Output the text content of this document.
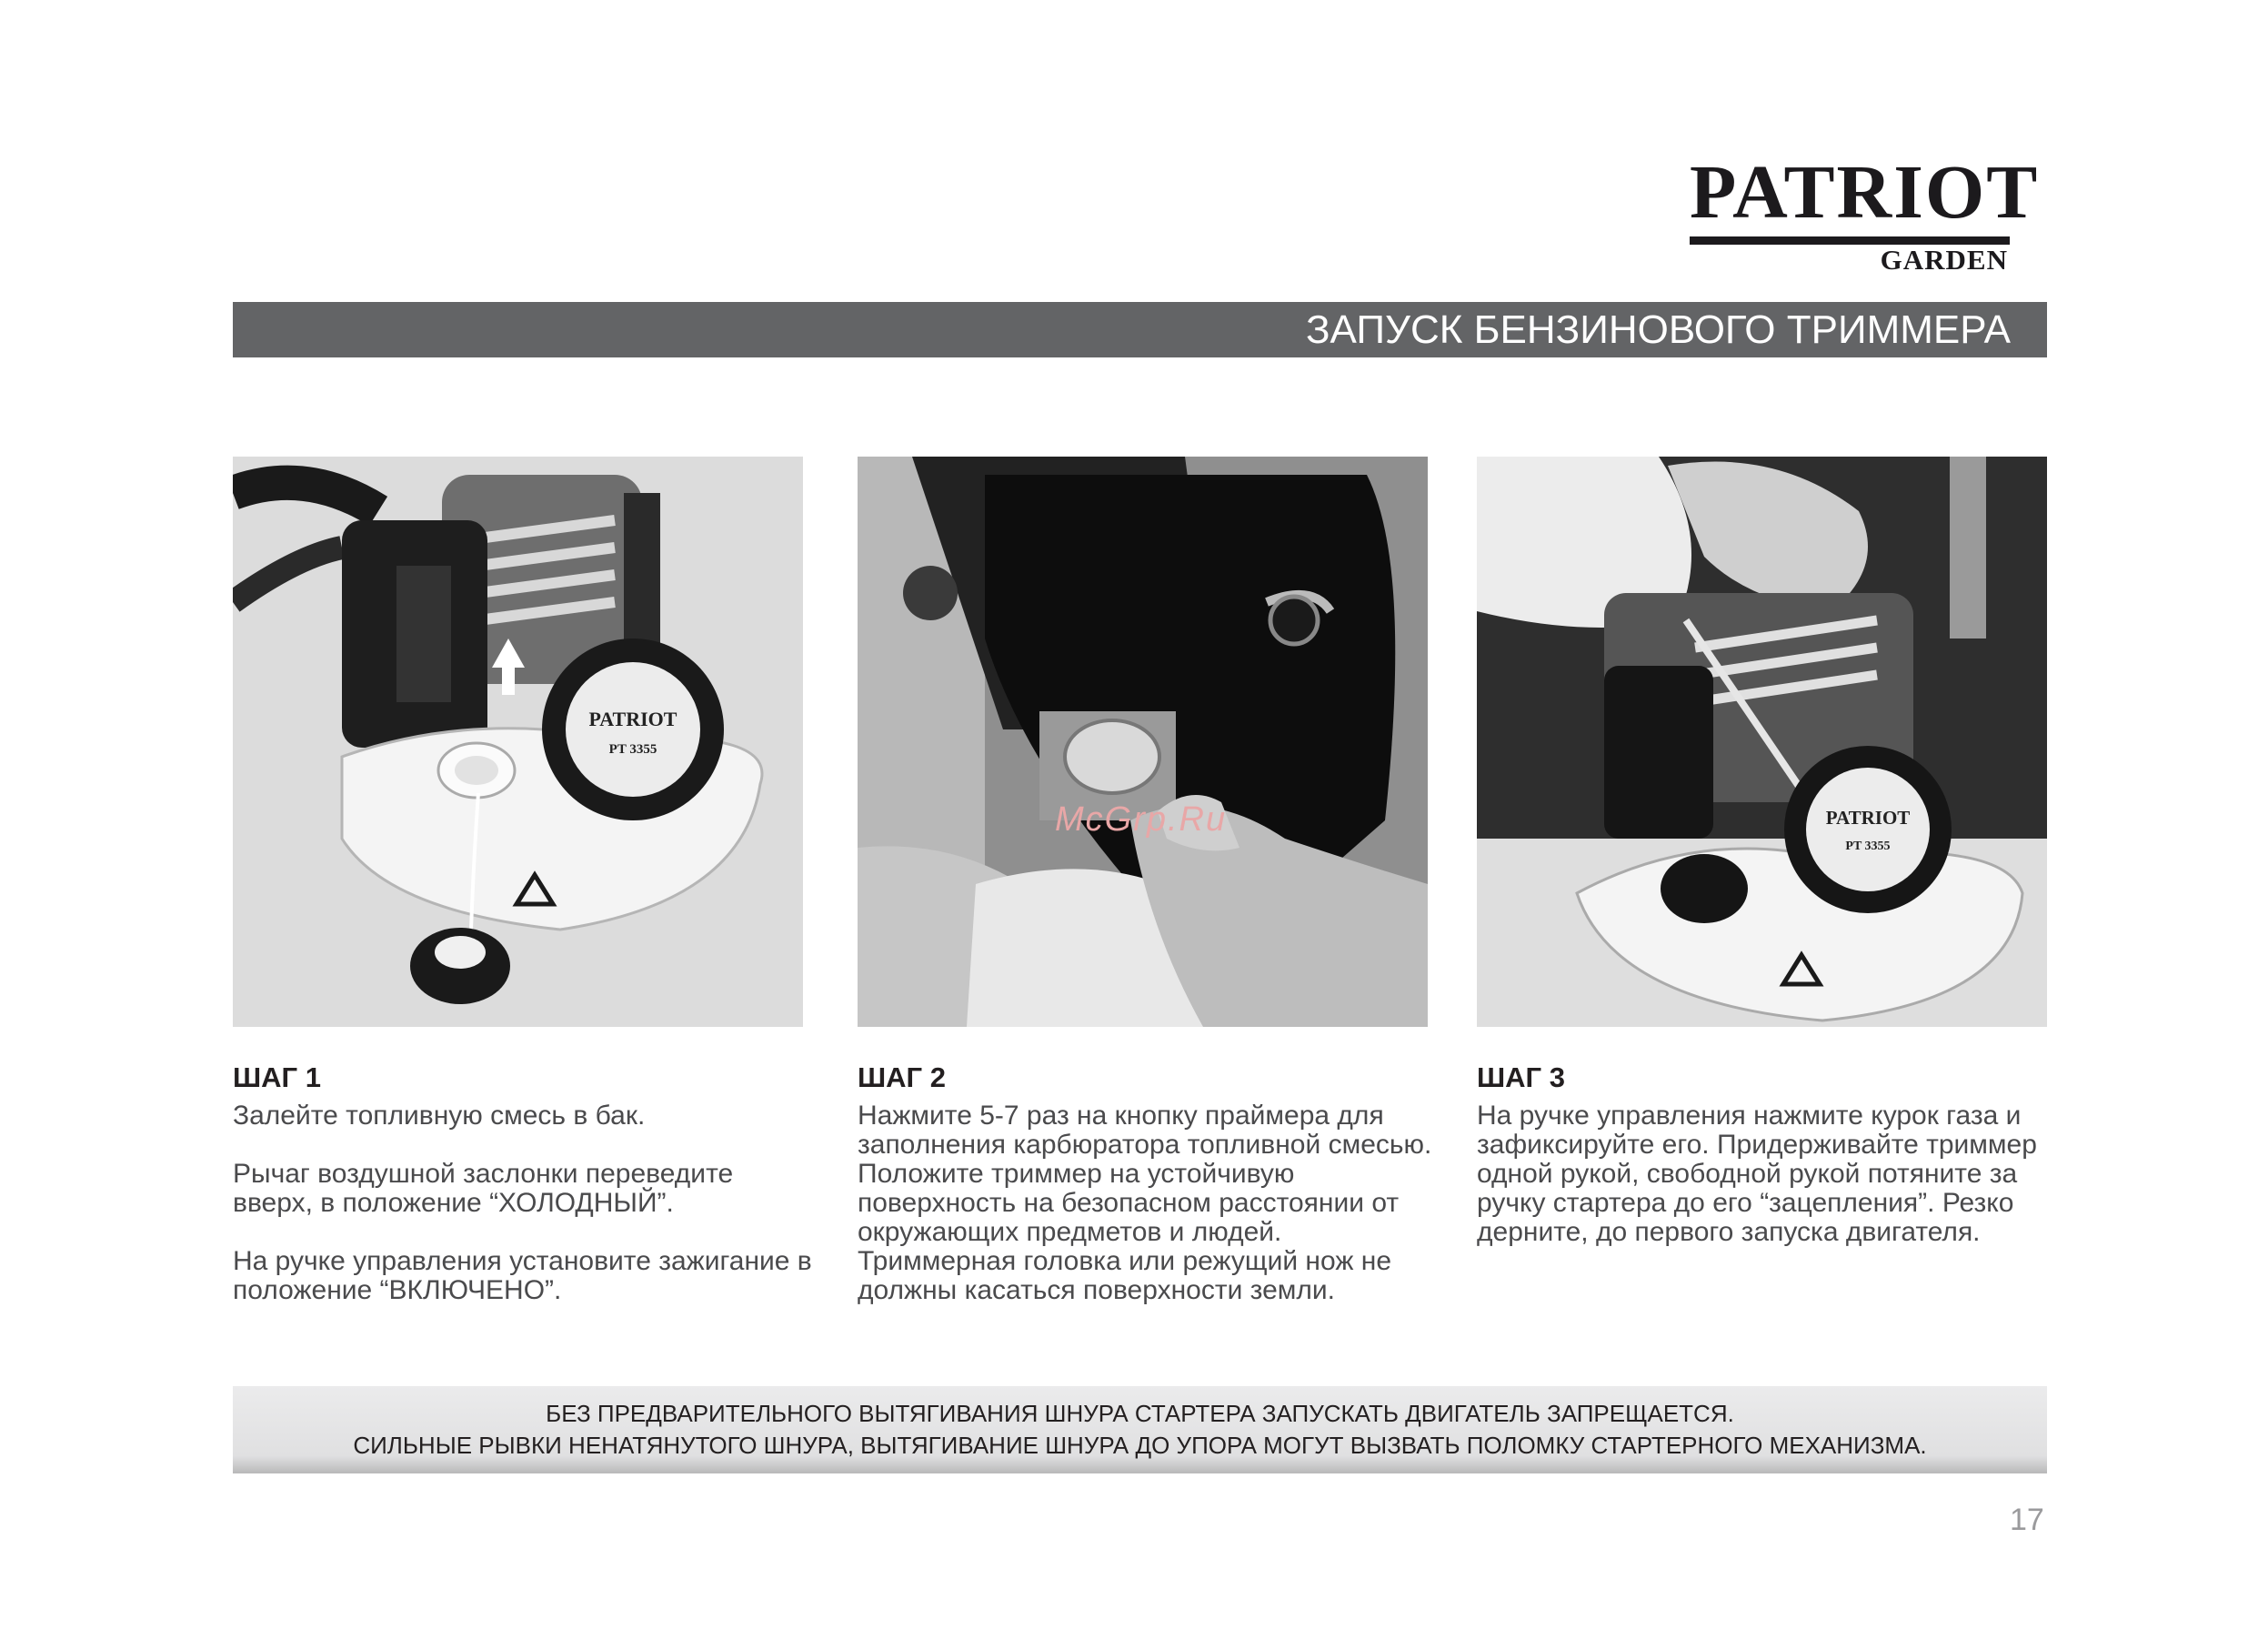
PATRIOT
GARDEN
ЗАПУСК БЕНЗИНОВОГО ТРИММЕРА
PATRIOT
PT 3355
PATRIOT
PT 3355
McGrp.Ru
ШАГ 1

Залейте топливную смесь в бак.

Рычаг воздушной заслонки переведите вверх, в положение “ХОЛОДНЫЙ”.

На ручке управления установите зажигание в положение “ВКЛЮЧЕНО”.

ШАГ 2

Нажмите 5-7 раз на кнопку праймера для заполнения карбюратора топливной смесью. Положите триммер на устойчивую поверхность на безопасном расстоянии от окружающих предметов и людей. Триммерная головка или режущий нож не должны касаться поверхности земли.

ШАГ 3

На ручке управления нажмите курок газа и зафиксируйте его. Придерживайте триммер одной рукой, свободной рукой потяните за ручку стартера до его “зацепления”. Резко дерните, до первого запуска двигателя.

БЕЗ ПРЕДВАРИТЕЛЬНОГО ВЫТЯГИВАНИЯ ШНУРА СТАРТЕРА ЗАПУСКАТЬ ДВИГАТЕЛЬ ЗАПРЕЩАЕТСЯ.
СИЛЬНЫЕ РЫВКИ НЕНАТЯНУТОГО ШНУРА, ВЫТЯГИВАНИЕ ШНУРА ДО УПОРА МОГУТ ВЫЗВАТЬ ПОЛОМКУ СТАРТЕРНОГО МЕХАНИЗМА.
17
